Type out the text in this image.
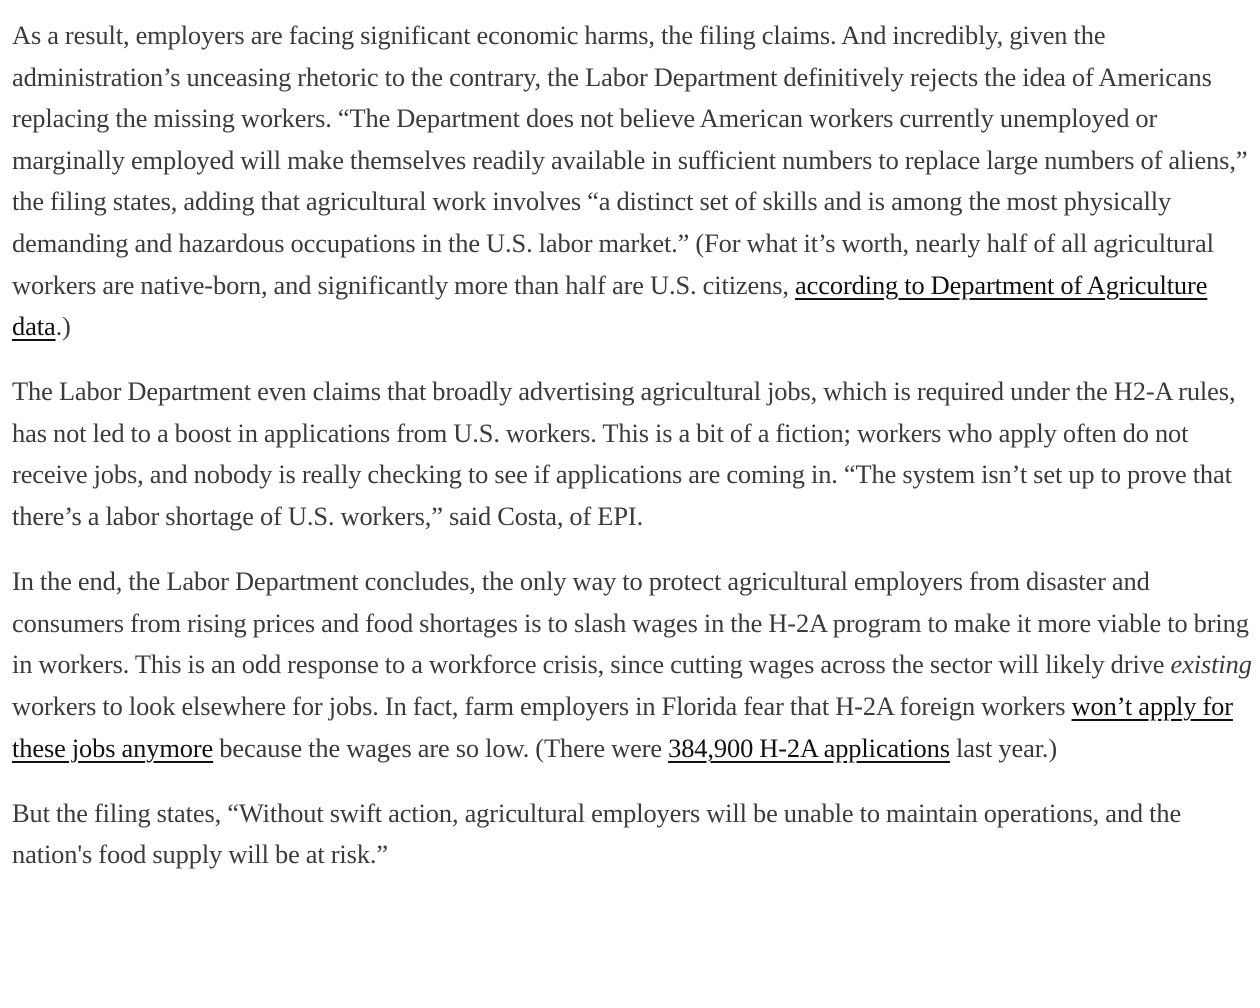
As a result, employers are facing significant economic harms, the filing claims. And incredibly, given the administration’s unceasing rhetoric to the contrary, the Labor Department definitively rejects the idea of Americans replacing the missing workers. “The Department does not believe American workers currently unemployed or marginally employed will make themselves readily available in sufficient numbers to replace large numbers of aliens,” the filing states, adding that agricultural work involves “a distinct set of skills and is among the most physically demanding and hazardous occupations in the U.S. labor market.” (For what it’s worth, nearly half of all agricultural workers are native-born, and significantly more than half are U.S. citizens, according to Department of Agriculture data.)

The Labor Department even claims that broadly advertising agricultural jobs, which is required under the H2-A rules, has not led to a boost in applications from U.S. workers. This is a bit of a fiction; workers who apply often do not receive jobs, and nobody is really checking to see if applications are coming in. “The system isn’t set up to prove that there’s a labor shortage of U.S. workers,” said Costa, of EPI.

In the end, the Labor Department concludes, the only way to protect agricultural employers from disaster and consumers from rising prices and food shortages is to slash wages in the H-2A program to make it more viable to bring in workers. This is an odd response to a workforce crisis, since cutting wages across the sector will likely drive existing workers to look elsewhere for jobs. In fact, farm employers in Florida fear that H-2A foreign workers won’t apply for these jobs anymore because the wages are so low. (There were 384,900 H-2A applications last year.)

But the filing states, “Without swift action, agricultural employers will be unable to maintain operations, and the nation's food supply will be at risk.”
